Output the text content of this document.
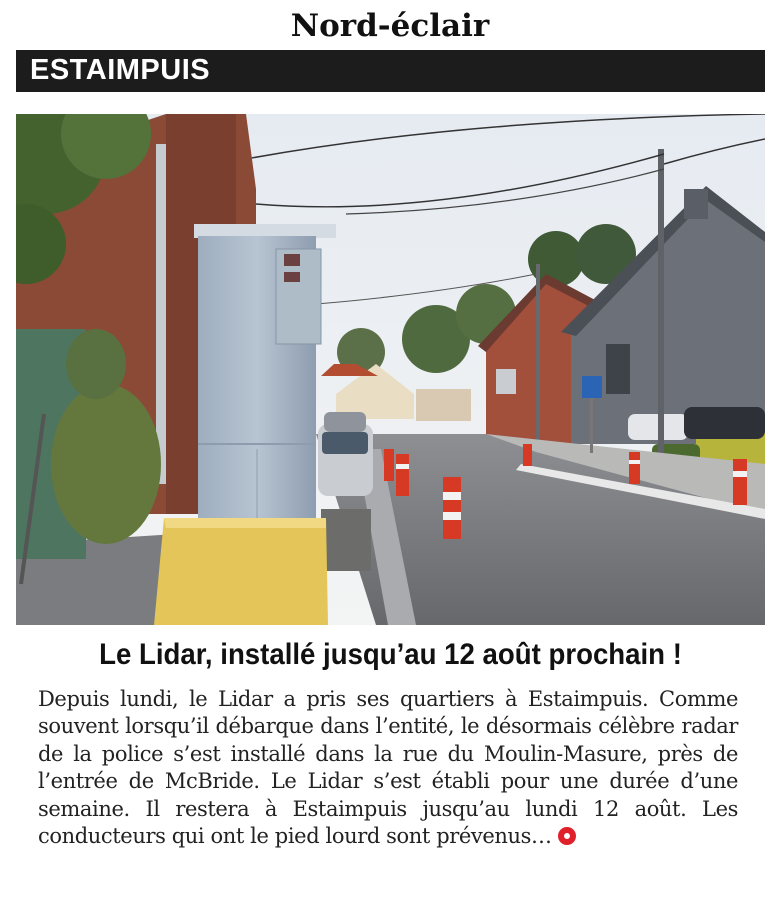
Nord-éclair
ESTAIMPUIS
Le Lidar, installé jusqu’au 12 août prochain !
Depuis lundi, le Lidar a pris ses quartiers à Estaimpuis. Comme souvent lorsqu’il débarque dans l’entité, le désormais célèbre radar de la police s’est installé dans la rue du Moulin-Masure, près de l’entrée de McBride. Le Lidar s’est établi pour une durée d’une semaine. Il restera à Estaimpuis jusqu’au lundi 12 août. Les conducteurs qui ont le pied lourd sont prévenus…
